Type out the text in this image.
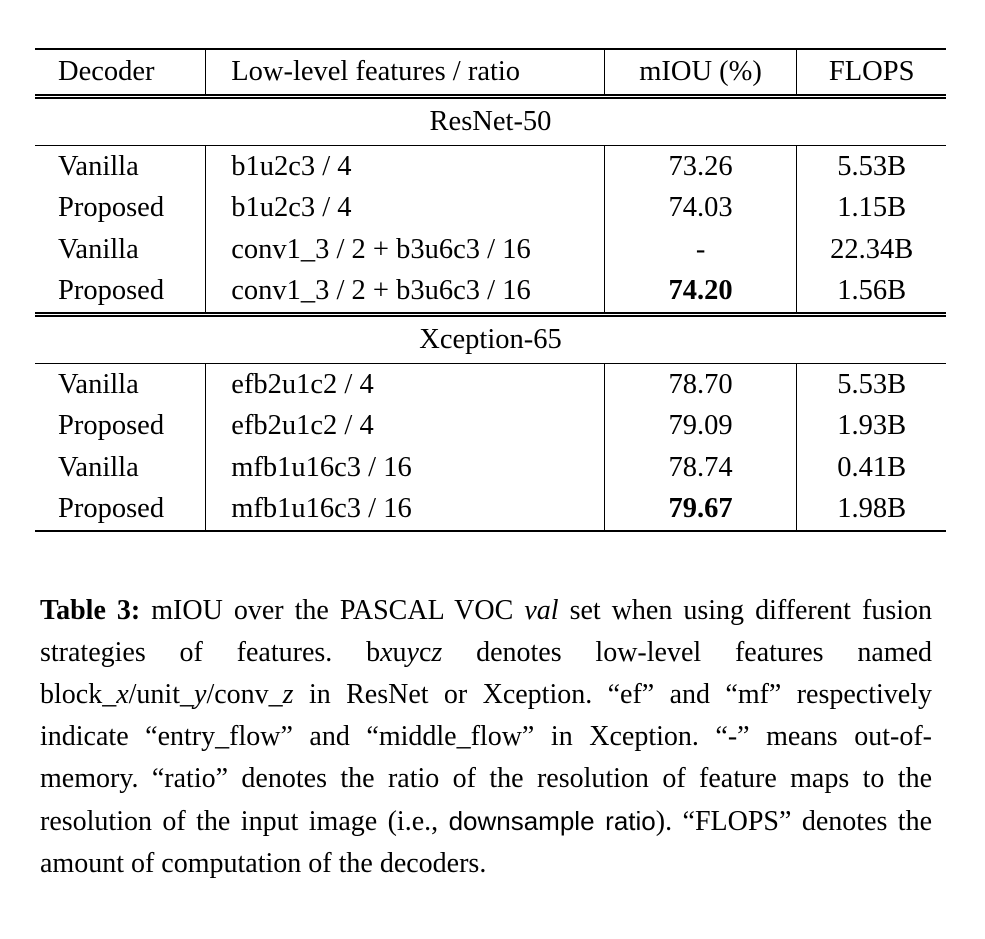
Decoder	Low-level features / ratio	mIOU (%)	FLOPS
ResNet-50			
Vanilla	b1u2c3 / 4	73.26	5.53B
Proposed	b1u2c3 / 4	74.03	1.15B
Vanilla	conv1_3 / 2 + b3u6c3 / 16	-	22.34B
Proposed	conv1_3 / 2 + b3u6c3 / 16	74.20	1.56B
Xception-65			
Vanilla	efb2u1c2 / 4	78.70	5.53B
Proposed	efb2u1c2 / 4	79.09	1.93B
Vanilla	mfb1u16c3 / 16	78.74	0.41B
Proposed	mfb1u16c3 / 16	79.67	1.98B

Table 3: mIOU over the PASCAL VOC val set when using different fusion strategies of features. bxuycz denotes low-level features named block_x/unit_y/conv_z in ResNet or Xception. “ef” and “mf” respectively indicate “entry_flow” and “middle_flow” in Xception. “-” means out-of-memory. “ratio” denotes the ratio of the resolution of feature maps to the resolution of the input image (i.e., downsample ratio). “FLOPS” denotes the amount of computation of the decoders.
